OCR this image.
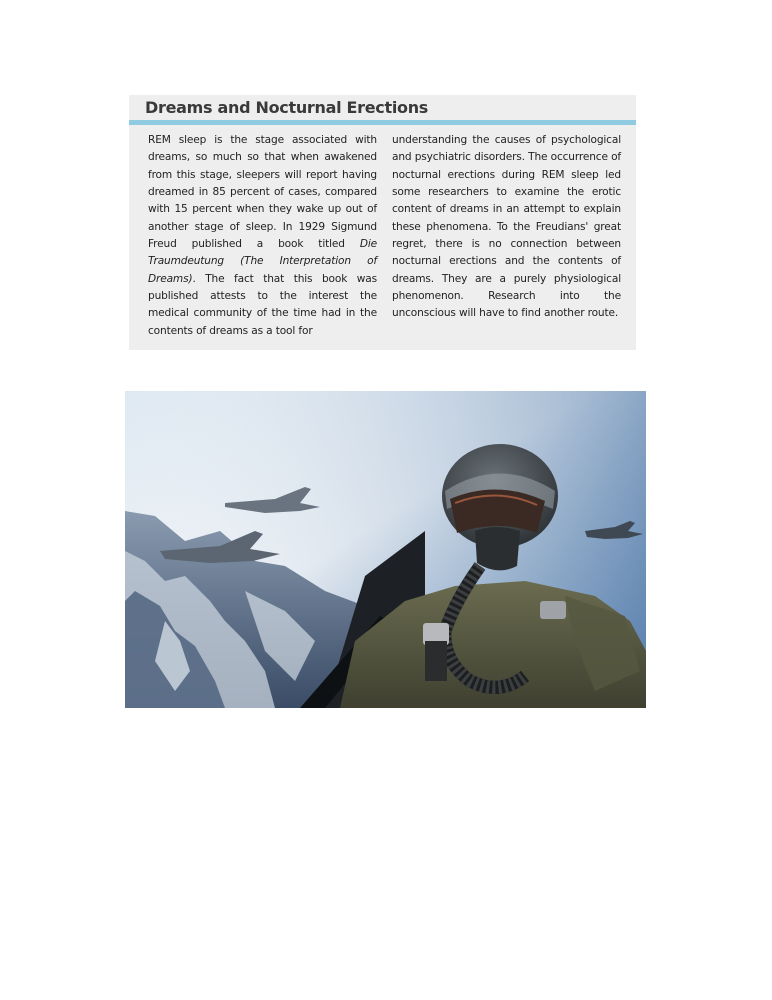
Dreams and Nocturnal Erections

REM sleep is the stage associated with dreams, so much so that when awakened from this stage, sleepers will report having dreamed in 85 percent of cases, compared with 15 percent when they wake up out of another stage of sleep. In 1929 Sigmund Freud published a book titled Die Traumdeutung (The Interpretation of Dreams). The fact that this book was published attests to the interest the medical community of the time had in the contents of dreams as a tool for

understanding the causes of psychological and psychiatric disorders. The occurrence of nocturnal erections during REM sleep led some researchers to examine the erotic content of dreams in an attempt to explain these phenomena. To the Freudians' great regret, there is no connection between nocturnal erections and the contents of dreams. They are a purely physiological phenomenon. Research into the unconscious will have to find another route.
